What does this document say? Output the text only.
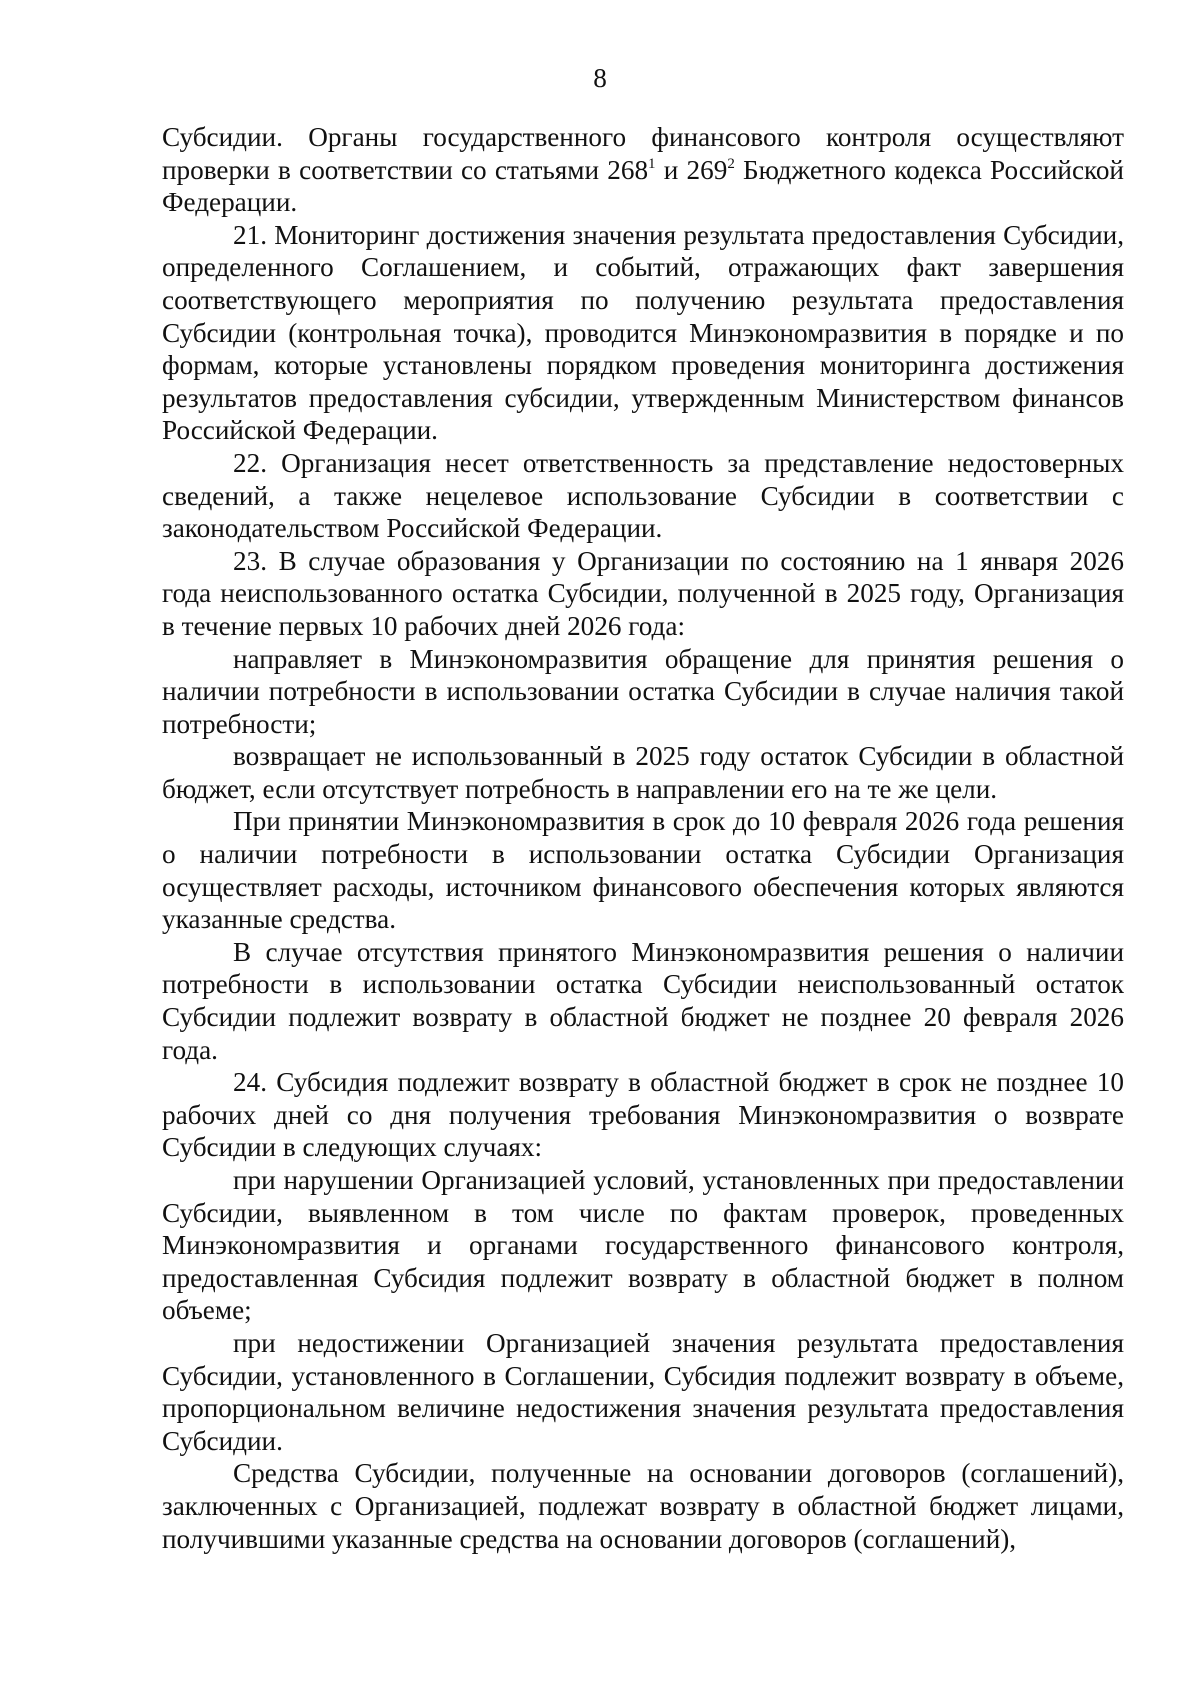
8

Субсидии. Органы государственного финансового контроля осуществляют проверки в соответствии со статьями $268^1$ и $269^2$ Бюджетного кодекса Российской Федерации.

21. Мониторинг достижения значения результата предоставления Субсидии, определенного Соглашением, и событий, отражающих факт завершения соответствующего мероприятия по получению результата предоставления Субсидии (контрольная точка), проводится Минэкономразвития в порядке и по формам, которые установлены порядком проведения мониторинга достижения результатов предоставления субсидии, утвержденным Министерством финансов Российской Федерации.

22. Организация несет ответственность за представление недостоверных сведений, а также нецелевое использование Субсидии в соответствии с законодательством Российской Федерации.

23. В случае образования у Организации по состоянию на 1 января 2026 года неиспользованного остатка Субсидии, полученной в 2025 году, Организация в течение первых 10 рабочих дней 2026 года:

направляет в Минэкономразвития обращение для принятия решения о наличии потребности в использовании остатка Субсидии в случае наличия такой потребности;

возвращает не использованный в 2025 году остаток Субсидии в областной бюджет, если отсутствует потребность в направлении его на те же цели.

При принятии Минэкономразвития в срок до 10 февраля 2026 года решения о наличии потребности в использовании остатка Субсидии Организация осуществляет расходы, источником финансового обеспечения которых являются указанные средства.

В случае отсутствия принятого Минэкономразвития решения о наличии потребности в использовании остатка Субсидии неиспользованный остаток Субсидии подлежит возврату в областной бюджет не позднее 20 февраля 2026 года.

24. Субсидия подлежит возврату в областной бюджет в срок не позднее 10 рабочих дней со дня получения требования Минэкономразвития о возврате Субсидии в следующих случаях:

при нарушении Организацией условий, установленных при предоставлении Субсидии, выявленном в том числе по фактам проверок, проведенных Минэкономразвития и органами государственного финансового контроля, предоставленная Субсидия подлежит возврату в областной бюджет в полном объеме;

при недостижении Организацией значения результата предоставления Субсидии, установленного в Соглашении, Субсидия подлежит возврату в объеме, пропорциональном величине недостижения значения результата предоставления Субсидии.

Средства Субсидии, полученные на основании договоров (соглашений), заключенных с Организацией, подлежат возврату в областной бюджет лицами, получившими указанные средства на основании договоров (соглашений),
